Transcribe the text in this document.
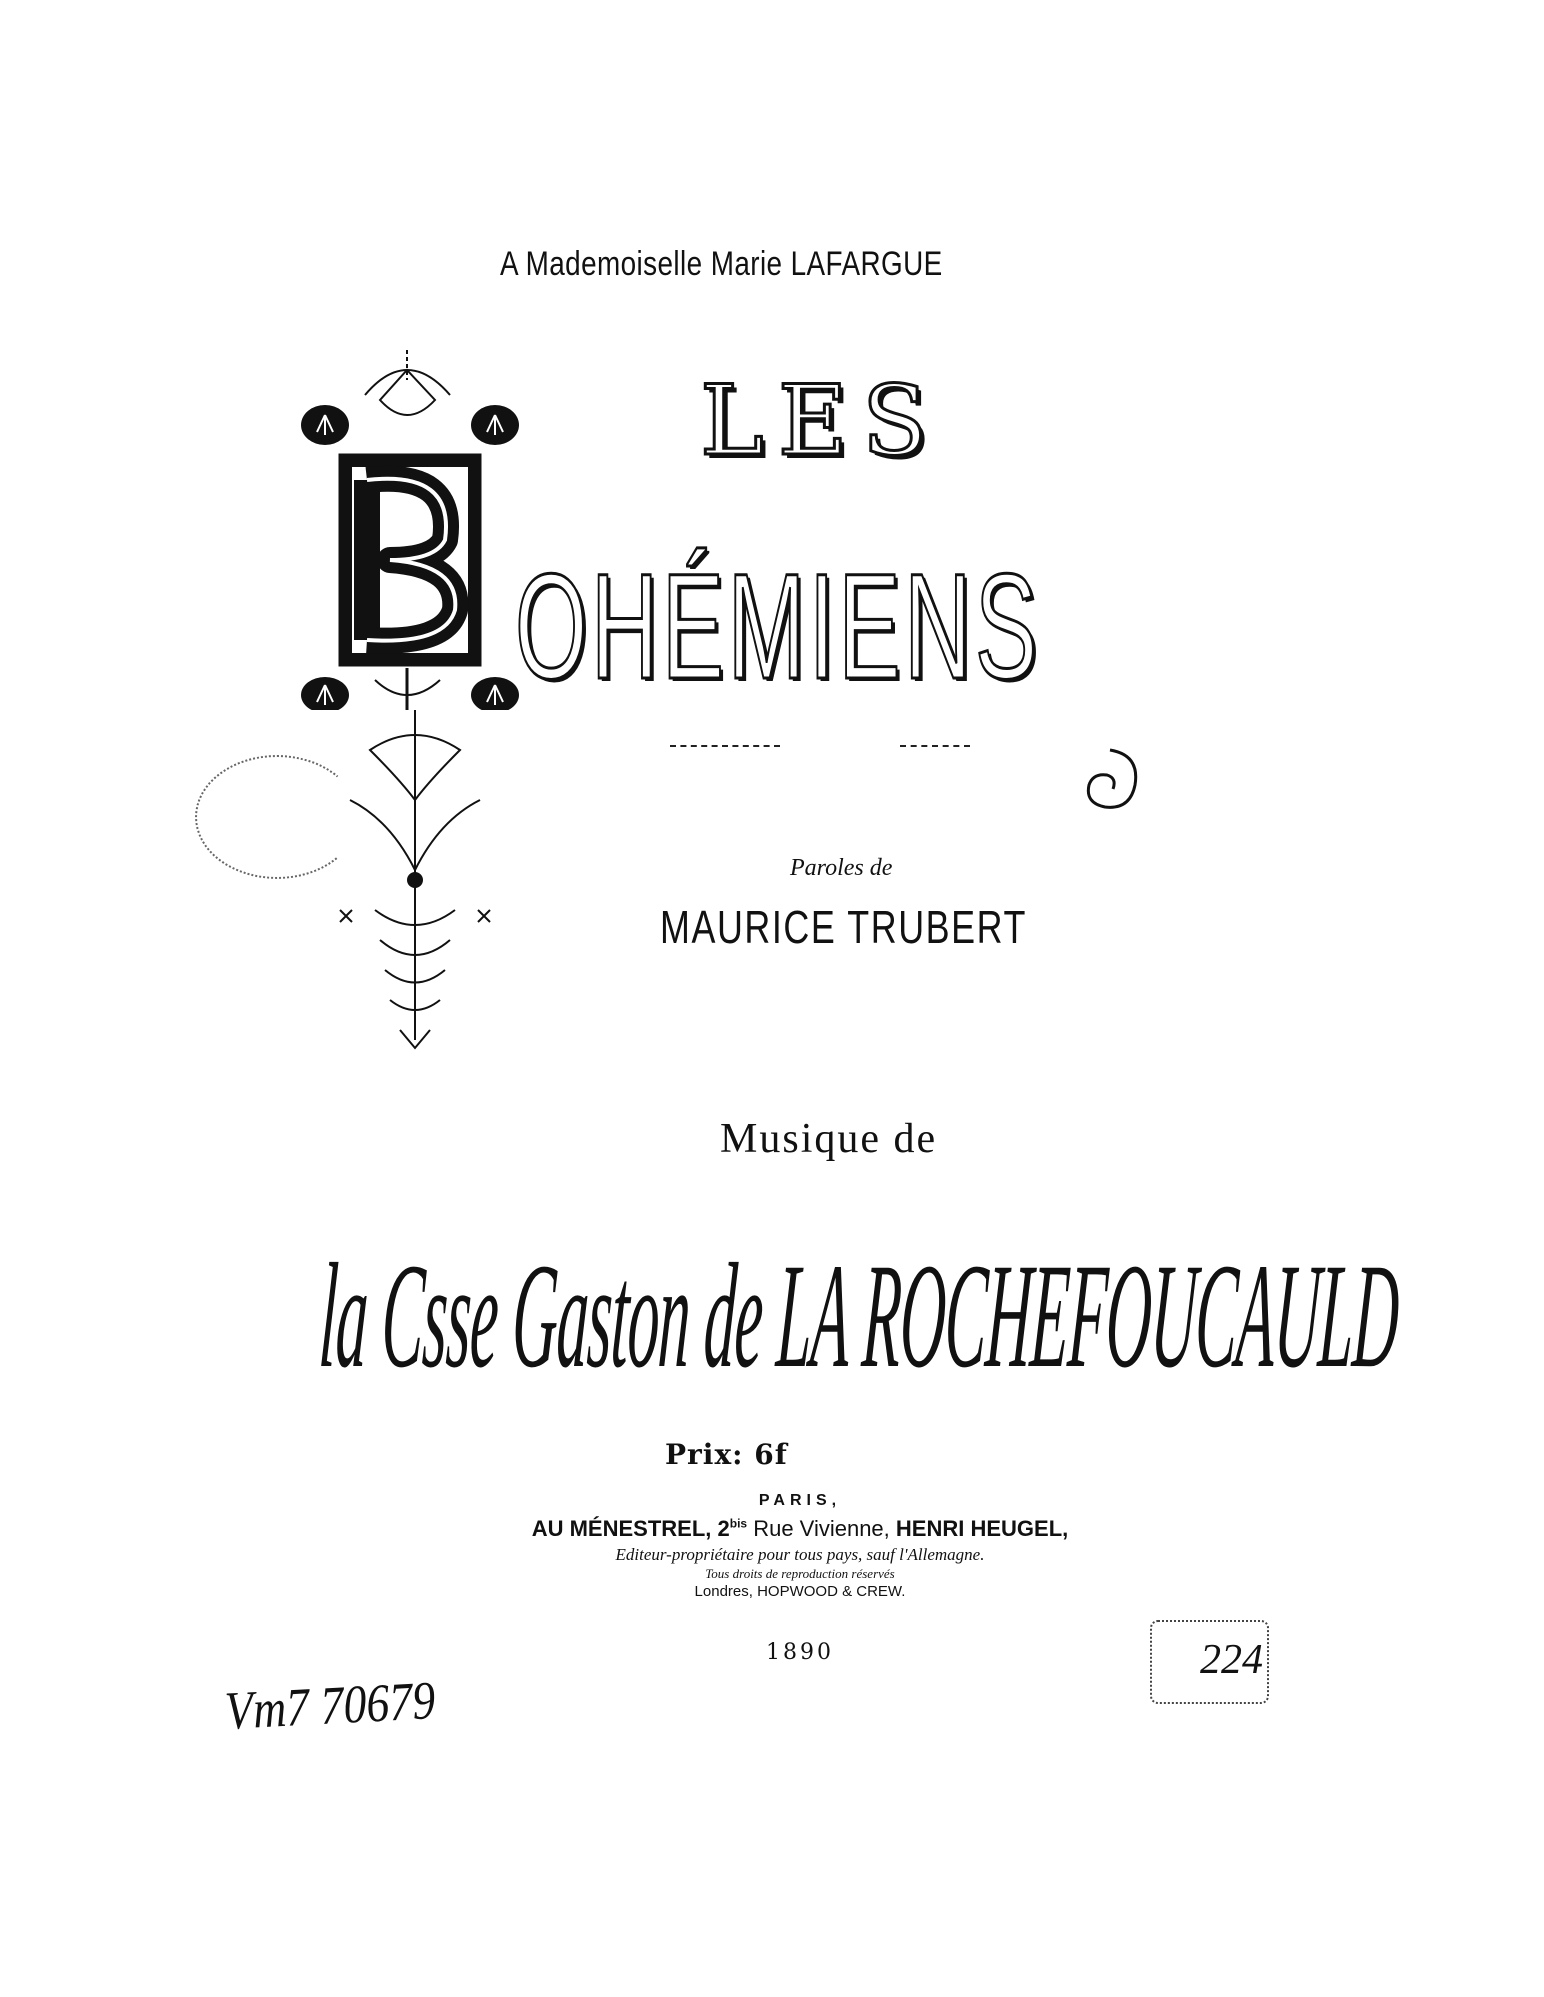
A Mademoiselle Marie LAFARGUE
LES
OHÉMIENS
Paroles de
MAURICE TRUBERT
Musique de
la Csse Gaston de LA ROCHEFOUCAULD
Prix: 6f
PARIS,
AU MÉNESTREL, $2^{bis}$ Rue Vivienne, HENRI HEUGEL,
Editeur-propriétaire pour tous pays, sauf l'Allemagne.
Tous droits de reproduction réservés
Londres, HOPWOOD & CREW.
1890
Vm7 70679
224
